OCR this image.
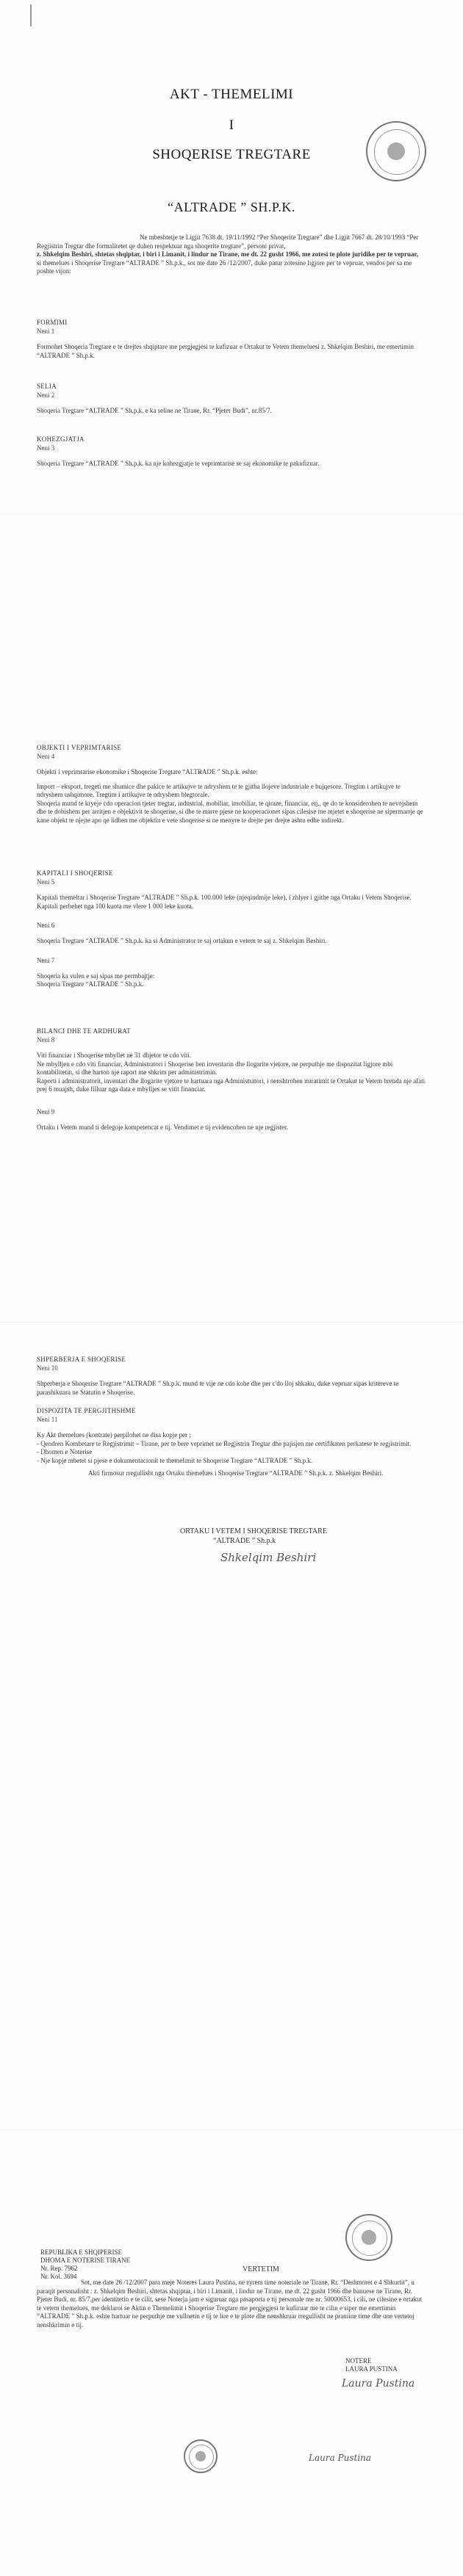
AKT - THEMELIMI
I
SHOQERISE TREGTARE
“ALTRADE ” SH.P.K.
Ne mbeshtetje te Ligjit 7638 dt. 19/11/1992 “Per Shoqerite Tregtare” dhe Ligjit 7667 dt. 28/10/1993 “Per Regjistrin Tregtar dhe formalitetet qe duhen respektuar nga shoqerite tregtare”, personi privat,
z. Shkelqim Beshiri, shtetas shqiptar, i biri i Limanit, i lindur ne Tirane, me dt. 22 gusht 1966, me zotesi te plote juridike per te vepruar,
si themelues i Shoqerise Tregtare “ALTRADE ” Sh.p.k., sot me date 26 /12/2007, duke patur zotesine ligjore per te vepruar, vendos per sa me poshte vijon:
FORMIMI
Neni 1
Formohet Shoqeria Tregtare e te drejtes shqiptare me pergjegjesi te kufizuar e Ortakut te Vetem themeluesi z. Shkelqim Beshiri, me emertimin “ALTRADE ” Sh.p.k.
SELIA
Neni 2
Shoqeria Tregtare “ALTRADE ” Sh.p.k. e ka seline ne Tirane, Rr. “Pjeter Budi”, nr.85/7.
KOHEZGJATJA
Neni 3
Shoqeria Tregtare “ALTRADE ” Sh.p.k. ka nje kohezgjatje te veprimtarise se saj ekonomike te pakufizuar.
OBJEKTI I VEPRIMTARISE
Neni 4
Objekti i veprimtarise ekonomike i Shoqerise Tregtare “ALTRADE ” Sh.p.k. eshte:
Import – eksport, tregeti me shumice dhe pakice te artikujve te ndryshem te te gjitha llojeve industriale e bujqesore. Tregtim i artikujve te ndryshem ushqimore. Tregtim i artikujve te ndryshem blegtorale.
Shoqeria mund te kryeje cdo operacion tjeter tregtar, industrial, mobiliar, imobiliar, te qiraze, financiar, etj., qe do te konsiderohen te nevojshem dhe te dobishem per arritjen e objektivit te shoqerise, si dhe te marre pjese ne kooperacionet sipas cilesise me mjetet e shoqerise ne sipermarrje qe kane objekt te njejte apo qe lidhen me objektin e vete shoqerise si ne menyre te drejte per drejte ashtu edhe indirekt.
KAPITALI I SHOQERISE
Neni 5
Kapitali themeltar i Shoqerise Tregtare “ALTRADE ” Sh.p.k. 100.000 leke (njeqindmije leke), i zhlyer i gjithe nga Ortaku i Vetem Shoqerise. Kapitali perbehet nga 100 kuota me vlere 1 000 leke kuota.
Neni 6
Shoqeria Tregtare “ALTRADE ” Sh.p.k. ka si Administrator te saj ortakun e vetem te saj z. Shkelqim Beshiri.
Neni 7
Shoqeria ka vulen e saj sipas me permbajtje:
Shoqeria Tregtare “ALTRADE ” Sh.p.k.
BILANCI DHE TE ARDHURAT
Neni 8
Viti financiar i Shoqerise mbyllet ne 31 dhjetor te cdo viti.
Ne mbylljen e cdo viti financiar, Administratori i Shoqerise ben inventarin dhe llogarite vjetore, ne perputhje me dispozitat ligjore mbi kontabilitetin, si dhe harton nje raport me shkrim per administrimin.
Raporti i administratorit, inventari dhe llogarite vjetore te hartuara nga Administratori, i nenshtrohen miratimit te Ortakut te Vetem brenda nje afati prej 6 muajsh, duke filluar nga data e mbylljes se vitit financiar.
Neni 9
Ortaku i Vetem mund ti delegoje kompetencat e tij. Vendimet e tij evidencohen ne nje regjister.
SHPERBERJA E SHOQERISE
Neni 10
Shperberja e Shoqerise Tregtare “ALTRADE ” Sh.p.k. mund te vije ne cdo kohe dhe per c'do lloj shkaku, duke vepruar sipas kritereve te parashikuara ne Statutin e Shoqerise.
DISPOZITA TE PERGJITHSHME
Neni 11
Ky Akt themelues (kontrate) perpilohet ne disa kopje per :
- Qendren Kombetare te Regjistrimit – Tirane, per te bere veprimet ne Regjistrin Tregtar dhe pajisjen me certifikaten perkatese te regjistrimit.
- Dhomen e Noterise
- Nje kopje mbetet si pjese e dokumentacionit te themelimit te Shoqerise Tregtare “ALTRADE ” Sh.p.k.
Akti firmosur rregullisht nga Ortaku themelues i Shoqerise Tregtare “ALTRADE ” Sh.p.k. z. Shkelqim Beshiri.
ORTAKU I VETEM I SHOQERISE TREGTARE
“ALTRADE ” Sh.p.k
Shkelqim Beshiri
REPUBLIKA E SHQIPERISE
DHOMA E NOTERISE TIRANE
Nr. Rep. 7962
Nr. Kol. 3694
VERTETIM
Sot, me date 26 /12/2007 para meje Noteres Laura Pustina, ne zyrem time noteriale ne Tirane, Rr. “Deshmoret e 4 Shkurtit”, u paraqit personalisht : z. Shkelqim Beshiri, shtetas shqiptar, i biri i Limanit, i lindur ne Tirane, me dt. 22 gusht 1966 dhe banuese ne Tirane, Rr. Pjeter Budi, nr. 85/7,per identitetin e te cilit, sese Noterja jam e siguruar nga pasaporta e tij personale me nr. 50000653, i cili, ne cilesine e ortakut te vetem themelues, me deklaroi se Aktin e Themelimit i Shoqerise Tregtare me pergjegjesi te kufizuar me te cilin e siper me emertimin “ALTRADE ” Sh.p.k. eshte hartuar ne perputhje me vullnetin e tij te lire e te plote dhe nenshkruar rregullisht ne praniine time dhe une vertetoj nenshkrimin e tij.
NOTERE
LAURA PUSTINA
Laura Pustina
Laura Pustina
